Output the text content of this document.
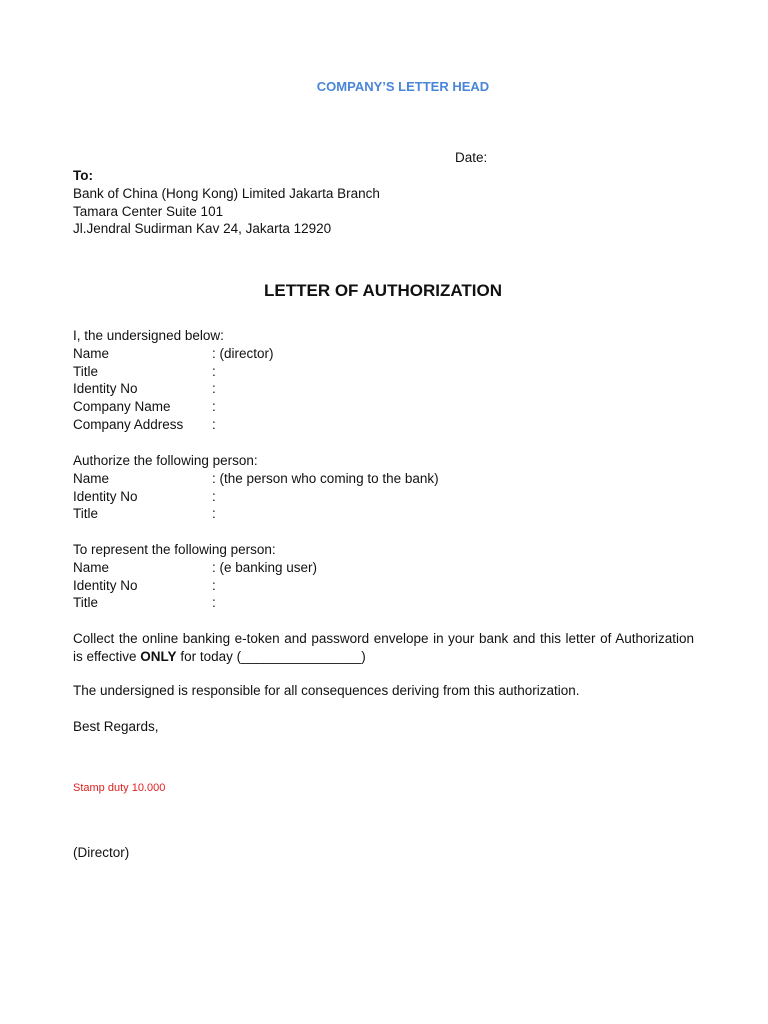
COMPANY’S LETTER HEAD
Date:
To:
Bank of China (Hong Kong) Limited Jakarta Branch
Tamara Center Suite 101
Jl.Jendral Sudirman Kav 24, Jakarta 12920
LETTER OF AUTHORIZATION
I, the undersigned below:
Name	: (director)
Title	:
Identity No	:
Company Name	:
Company Address :
Authorize the following person:
Name	: (the person who coming to the bank)
Identity No	:
Title	:
To represent the following person:
Name	: (e banking user)
Identity No	:
Title	:
Collect the online banking e-token and password envelope in your bank and this letter of Authorization is effective ONLY for today (________________)
The undersigned is responsible for all consequences deriving from this authorization.
Best Regards,
Stamp duty 10.000
(Director)
